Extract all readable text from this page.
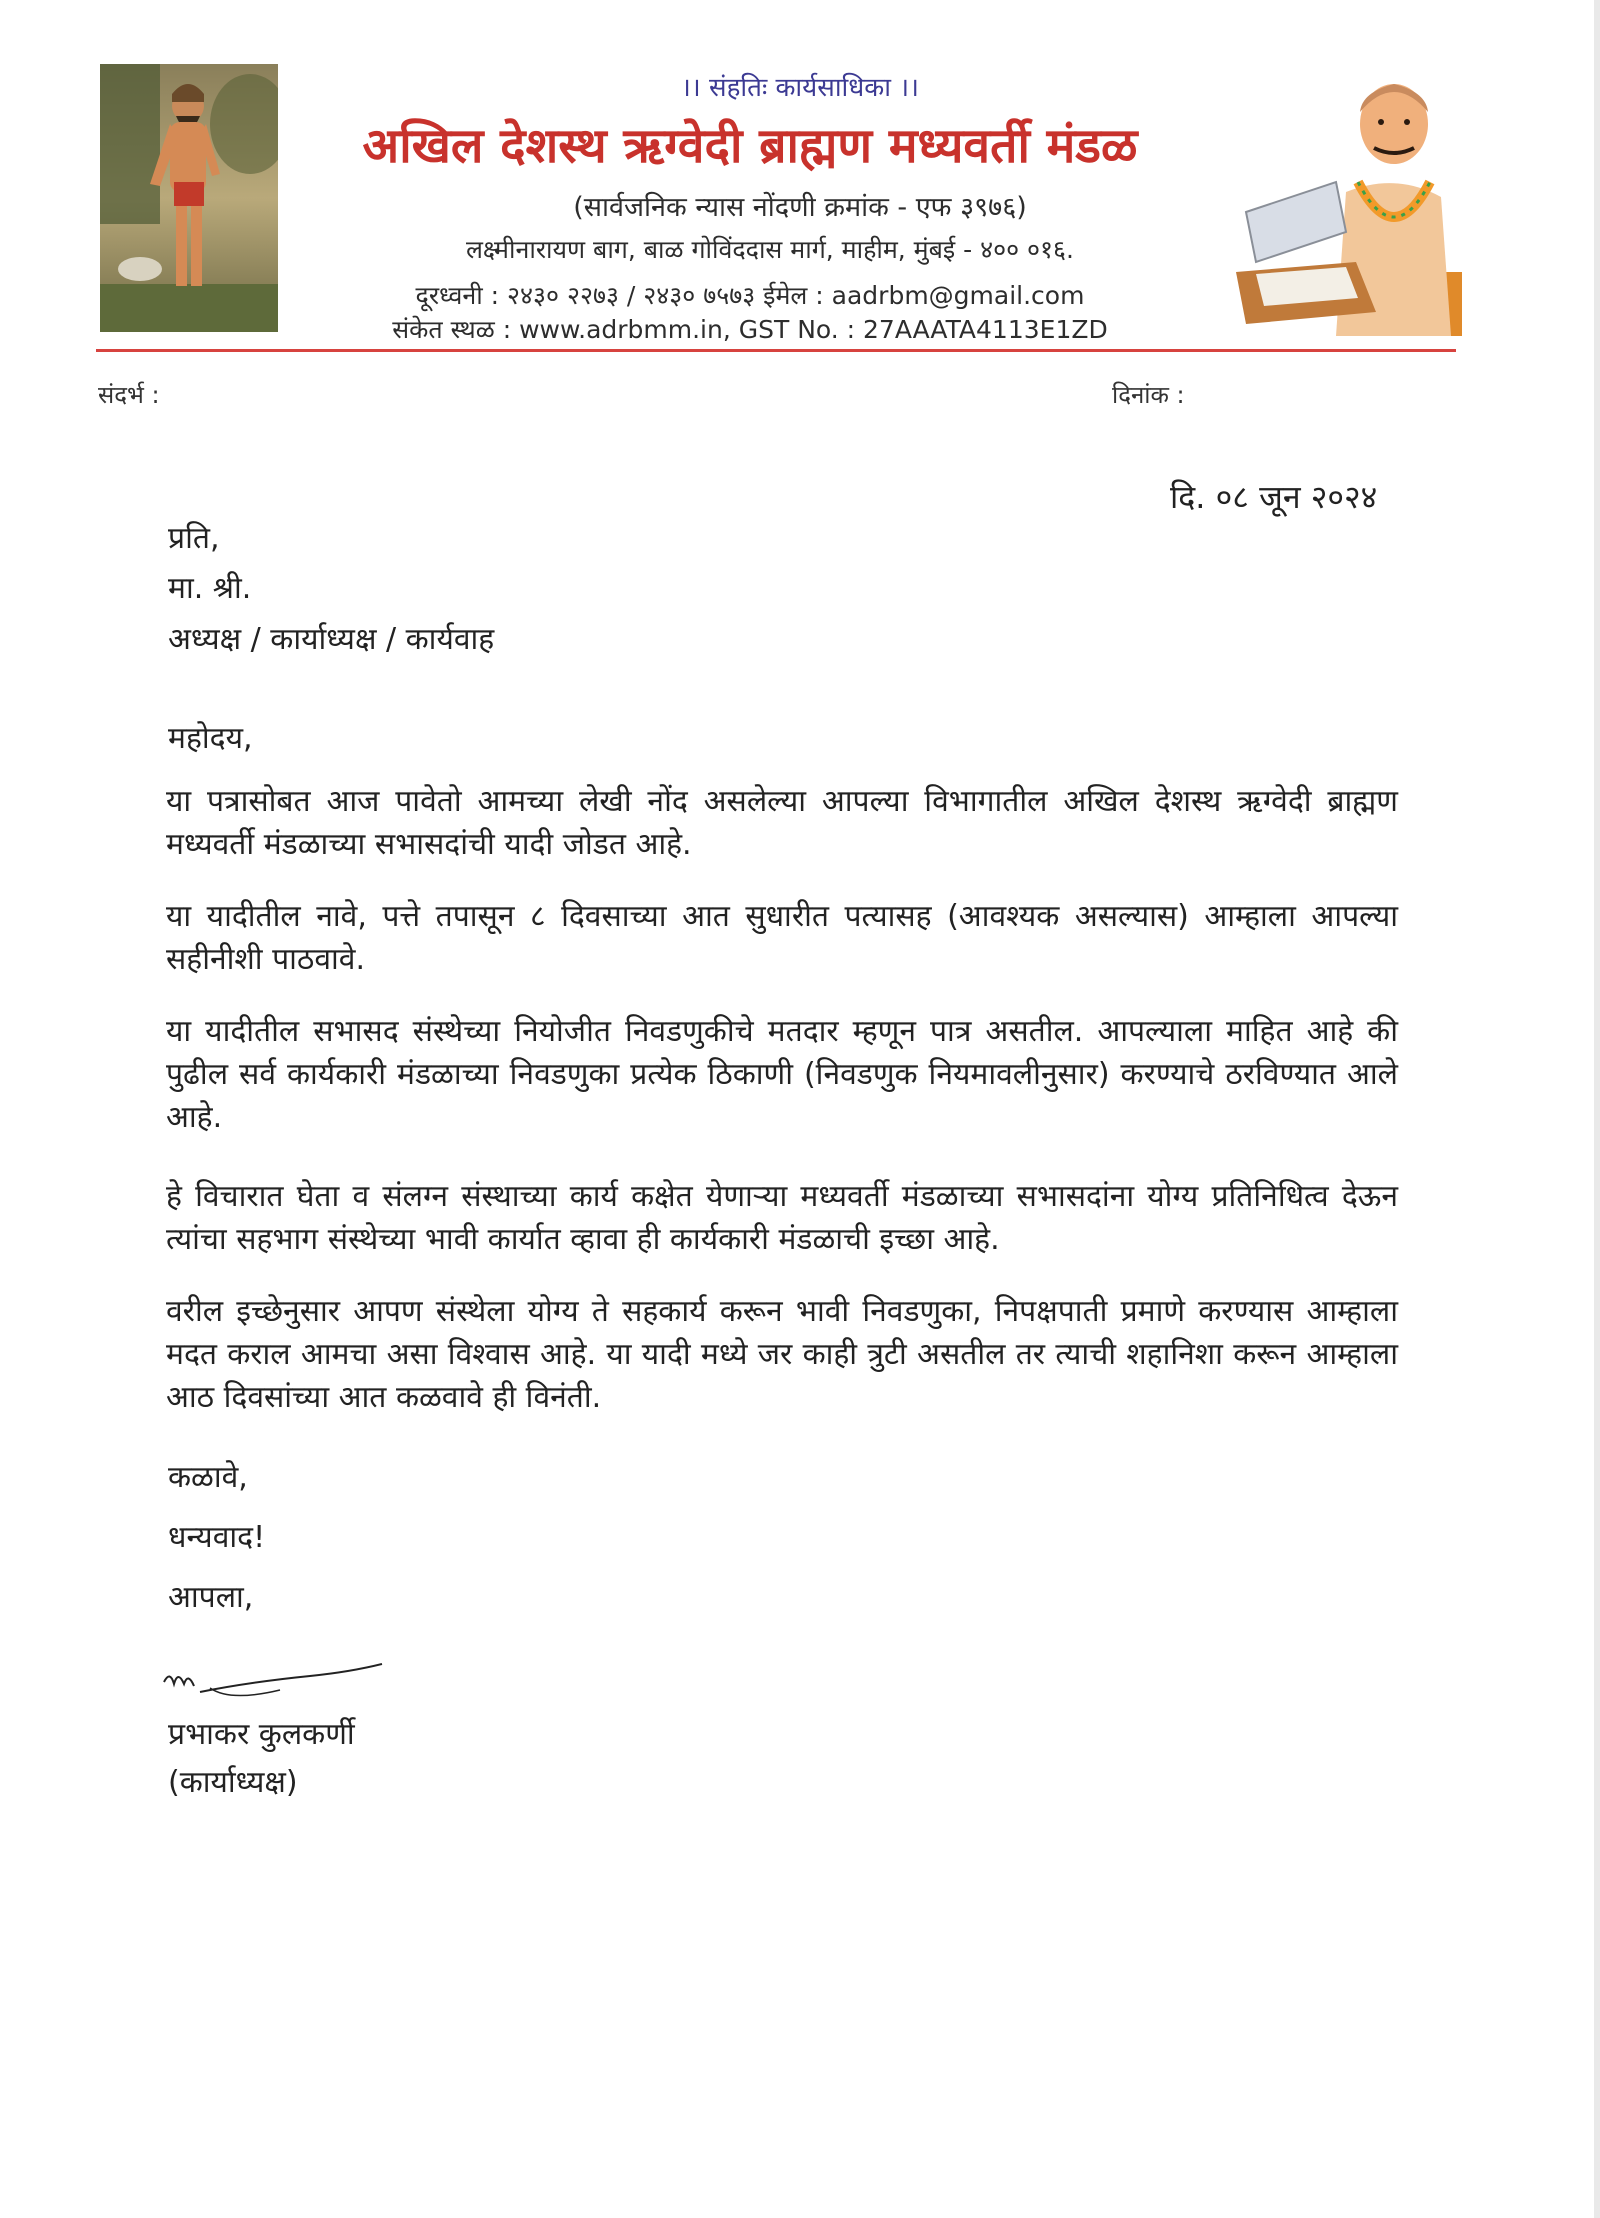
।। संहतिः कार्यसाधिका ।।
अखिल देशस्थ ऋग्वेदी ब्राह्मण मध्यवर्ती मंडळ
(सार्वजनिक न्यास नोंदणी क्रमांक - एफ ३९७६)
लक्ष्मीनारायण बाग, बाळ गोविंददास मार्ग, माहीम, मुंबई - ४०० ०१६.
दूरध्वनी : २४३० २२७३ / २४३० ७५७३ ईमेल : aadrbm@gmail.com
संकेत स्थळ : www.adrbmm.in, GST No. : 27AAATA4113E1ZD
संदर्भ :	दिनांक :
दि. ०८ जून २०२४
प्रति,
मा. श्री.
अध्यक्ष / कार्याध्यक्ष / कार्यवाह
महोदय,
या पत्रासोबत आज पावेतो आमच्या लेखी नोंद असलेल्या आपल्या विभागातील अखिल देशस्थ ऋग्वेदी ब्राह्मण मध्यवर्ती मंडळाच्या सभासदांची यादी जोडत आहे.
या यादीतील नावे, पत्ते तपासून ८ दिवसाच्या आत सुधारीत पत्यासह (आवश्यक असल्यास) आम्हाला आपल्या सहीनीशी पाठवावे.
या यादीतील सभासद संस्थेच्या नियोजीत निवडणुकीचे मतदार म्हणून पात्र असतील. आपल्याला माहित आहे की पुढील सर्व कार्यकारी मंडळाच्या निवडणुका प्रत्येक ठिकाणी (निवडणुक नियमावलीनुसार) करण्याचे ठरविण्यात आले आहे.
हे विचारात घेता व संलग्न संस्थाच्या कार्य कक्षेत येणाऱ्या मध्यवर्ती मंडळाच्या सभासदांना योग्य प्रतिनिधित्व देऊन त्यांचा सहभाग संस्थेच्या भावी कार्यात व्हावा ही कार्यकारी मंडळाची इच्छा आहे.
वरील इच्छेनुसार आपण संस्थेला योग्य ते सहकार्य करून भावी निवडणुका, निपक्षपाती प्रमाणे करण्यास आम्हाला मदत कराल आमचा असा विश्वास आहे. या यादी मध्ये जर काही त्रुटी असतील तर त्याची शहानिशा करून आम्हाला आठ दिवसांच्या आत कळवावे ही विनंती.
कळावे,
धन्यवाद!
आपला,
प्रभाकर कुलकर्णी
(कार्याध्यक्ष)
